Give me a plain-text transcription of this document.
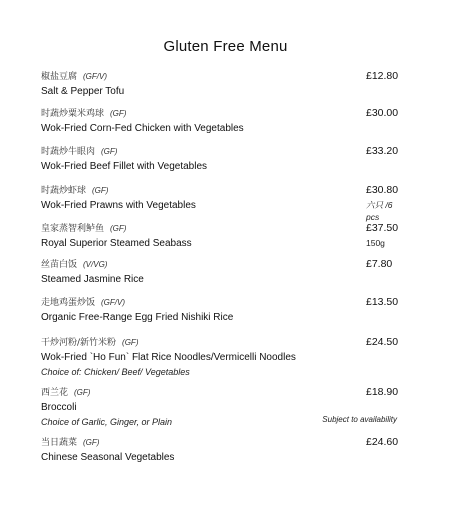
Gluten Free Menu
椒盐豆腐 (GF/V)
Salt & Pepper Tofu
£12.80
时蔬炒粟米鸡球 (GF)
Wok-Fried Corn-Fed Chicken with Vegetables
£30.00
时蔬炒牛眼肉 (GF)
Wok-Fried Beef Fillet with Vegetables
£33.20
时蔬炒虾球 (GF)
Wok-Fried Prawns with Vegetables
£30.80
六只 /6 pcs
皇家蒸智利鲈鱼 (GF)
Royal Superior Steamed Seabass
£37.50
150g
丝苗白饭 (V/VG)
Steamed Jasmine Rice
£7.80
走地鸡蛋炒饭 (GF/V)
Organic Free-Range Egg Fried Nishiki Rice
£13.50
干炒河粉/新竹米粉 (GF)
Wok-Fried `Ho Fun` Flat Rice Noodles/Vermicelli Noodles
Choice of: Chicken/ Beef/ Vegetables
£24.50
西兰花 (GF)
Broccoli
Choice of Garlic, Ginger, or Plain
£18.90
Subject to availability
当日蔬菜 (GF)
Chinese Seasonal Vegetables
£24.60
